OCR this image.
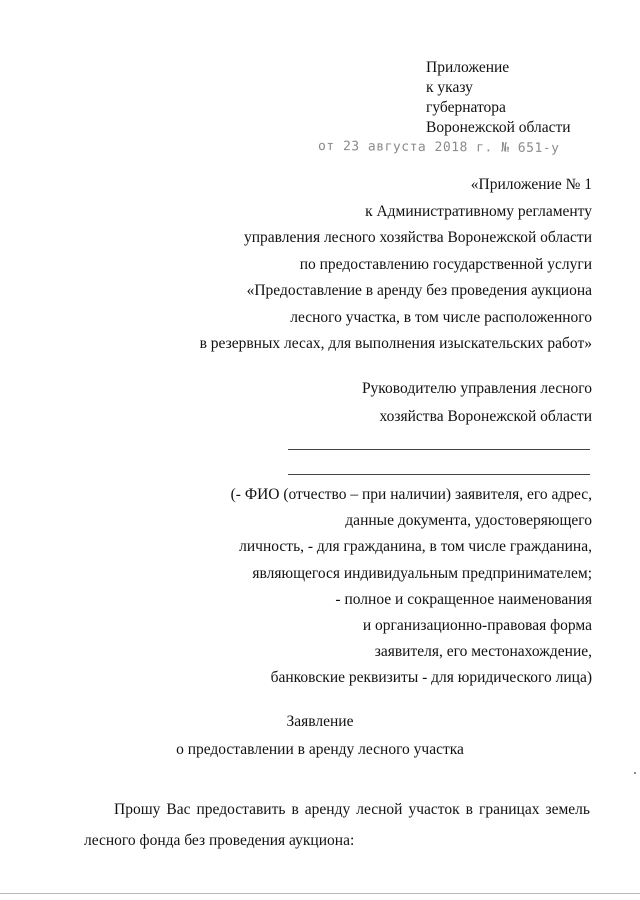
Приложение
к указу
губернатора
Воронежской области
от 23 августа 2018 г. № 651-у
«Приложение № 1
к Административному регламенту
управления лесного хозяйства Воронежской области
по предоставлению государственной услуги
«Предоставление в аренду без проведения аукциона
лесного участка, в том числе расположенного
в резервных лесах, для выполнения изыскательских работ»
Руководителю управления лесного
хозяйства Воронежской области
(- ФИО (отчество – при наличии) заявителя, его адрес,
данные документа, удостоверяющего
личность, - для гражданина, в том числе гражданина,
являющегося индивидуальным предпринимателем;
- полное и сокращенное наименования
и организационно-правовая форма
заявителя, его местонахождение,
банковские реквизиты - для юридического лица)
Заявление
о предоставлении в аренду лесного участка
Прошу Вас предоставить в аренду лесной участок в границах земель
лесного фонда без проведения аукциона:
